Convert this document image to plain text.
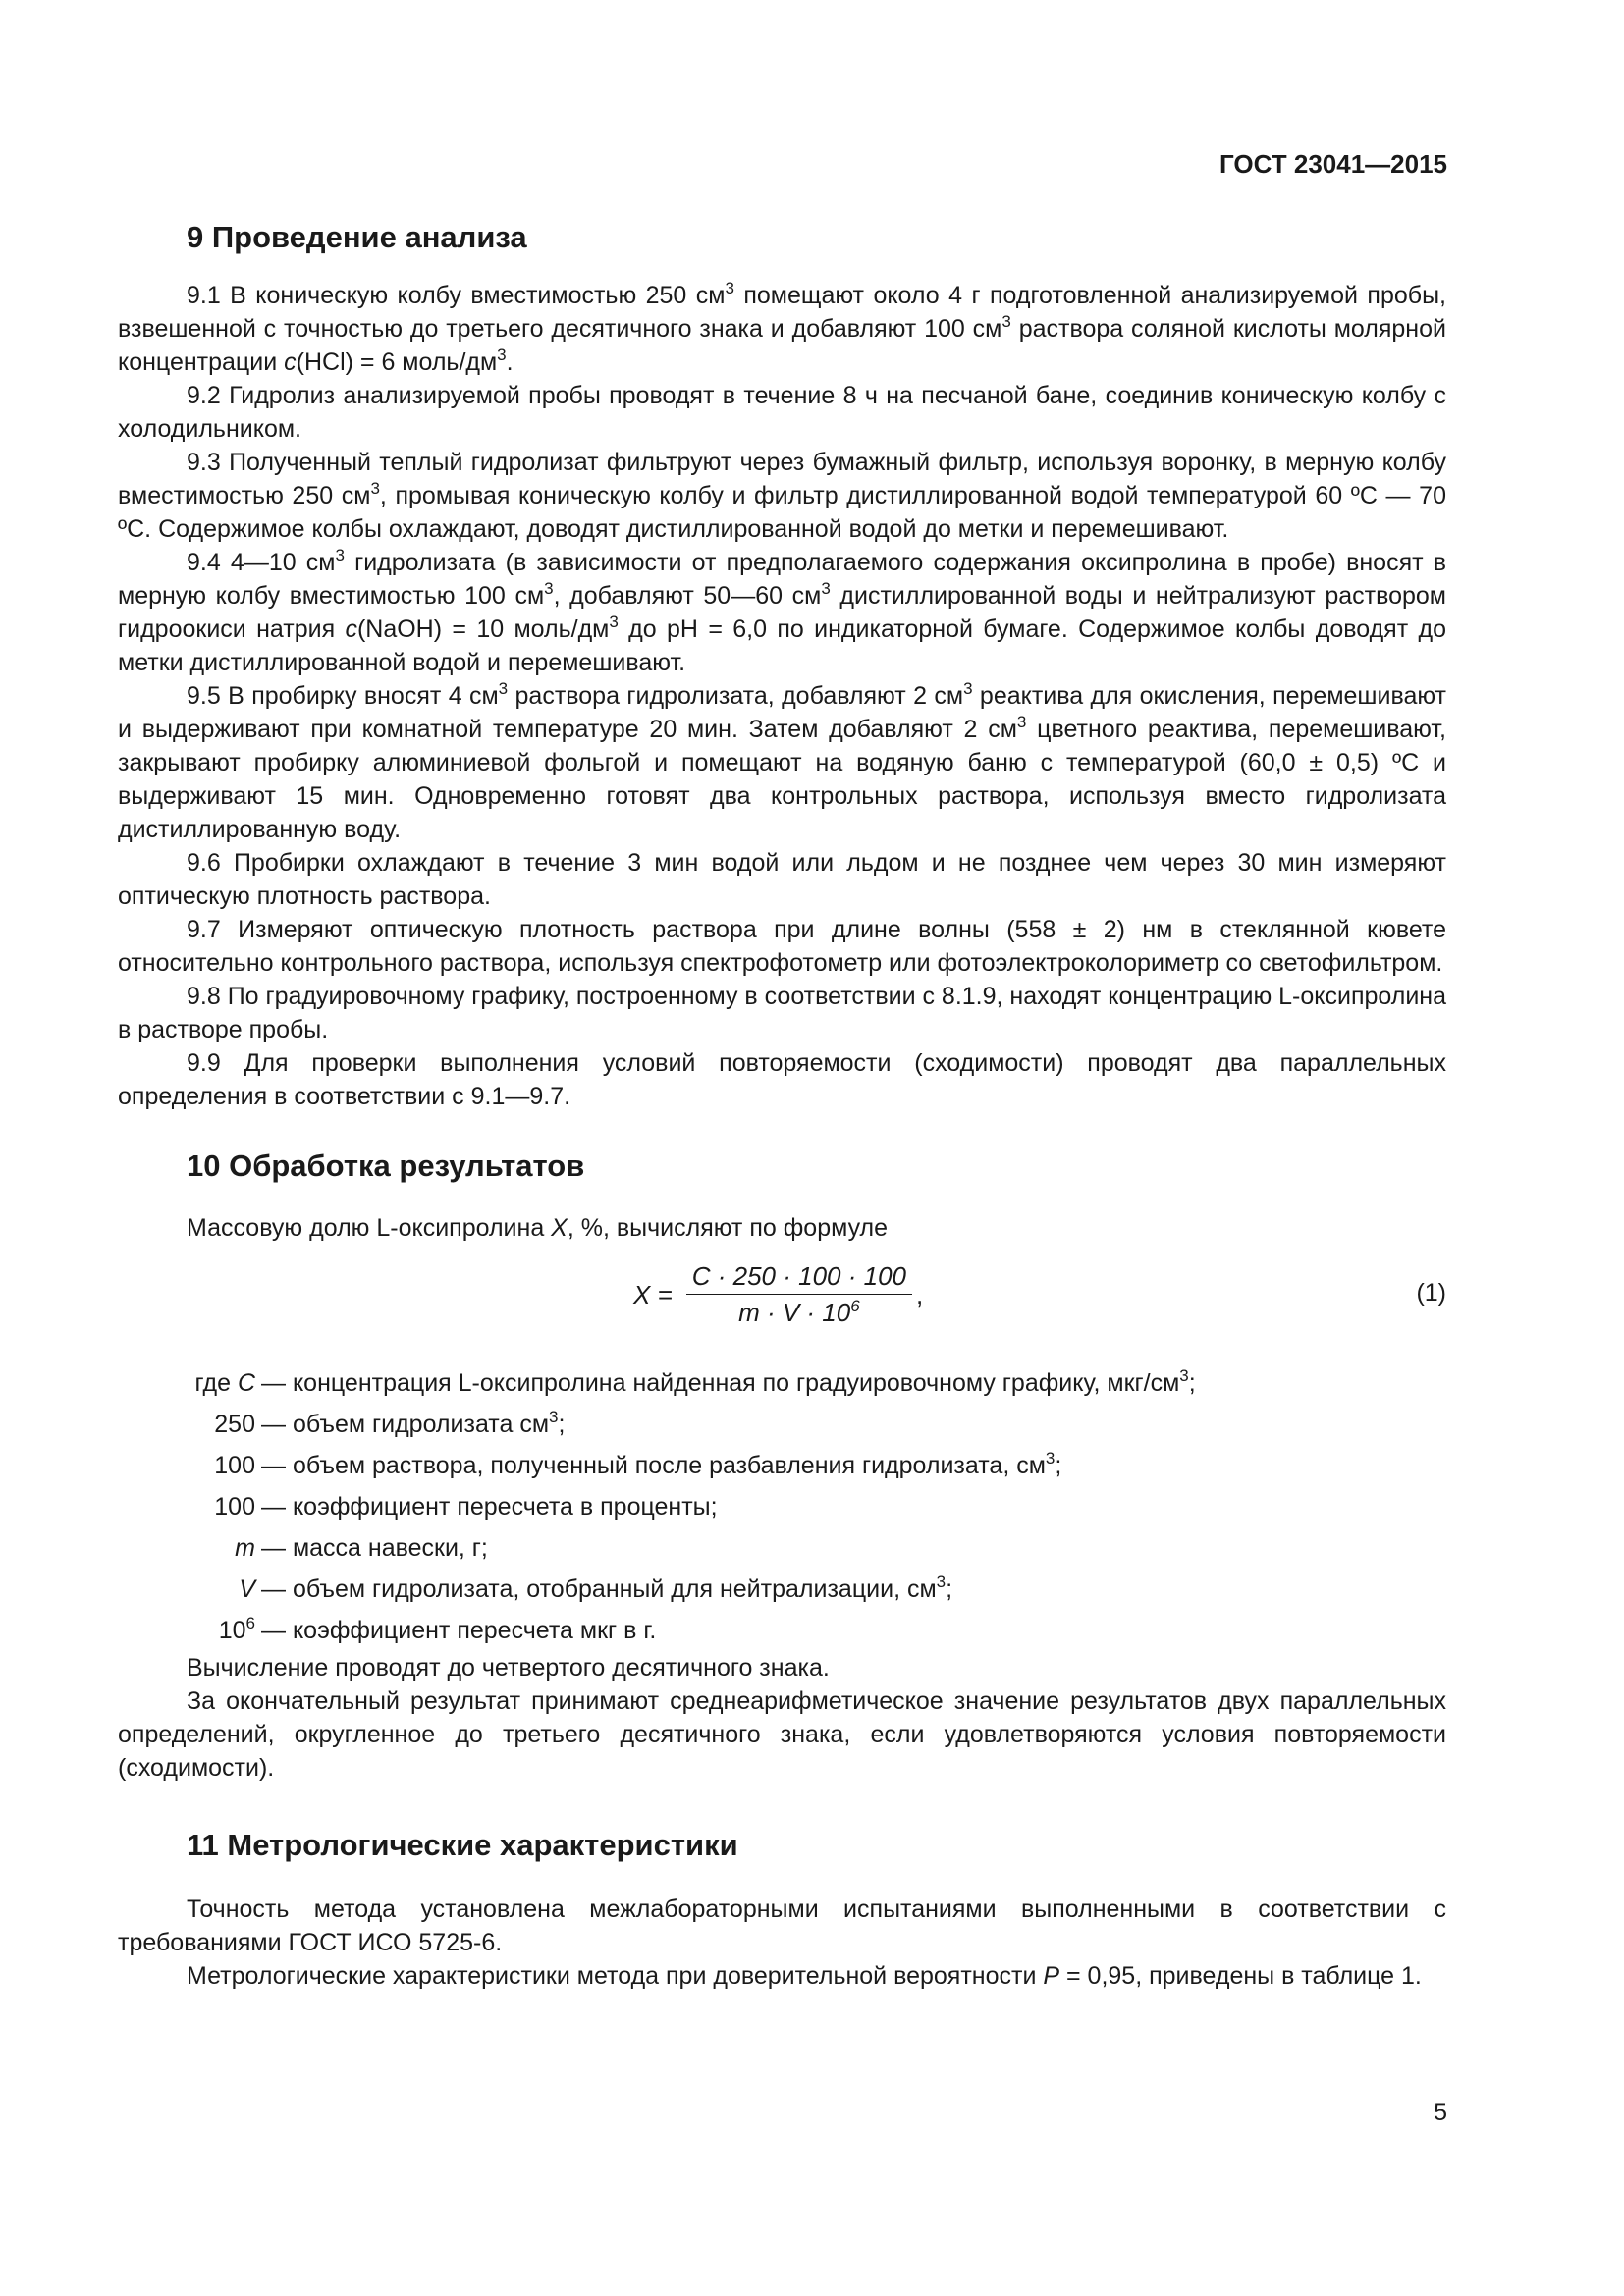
ГОСТ 23041—2015
9 Проведение анализа

9.1 В коническую колбу вместимостью 250 $см^3$ помещают около 4 г подготовленной анализируемой пробы, взвешенной с точностью до третьего десятичного знака и добавляют 100 $см^3$ раствора соляной кислоты молярной концентрации c(HCl) = 6 моль/$дм^3$.

9.2 Гидролиз анализируемой пробы проводят в течение 8 ч на песчаной бане, соединив коническую колбу с холодильником.

9.3 Полученный теплый гидролизат фильтруют через бумажный фильтр, используя воронку, в мерную колбу вместимостью 250 $см^3$, промывая коническую колбу и фильтр дистиллированной водой температурой 60 ºС — 70 ºС. Содержимое колбы охлаждают, доводят дистиллированной водой до метки и перемешивают.

9.4 4—10 $см^3$ гидролизата (в зависимости от предполагаемого содержания оксипролина в пробе) вносят в мерную колбу вместимостью 100 $см^3$, добавляют 50—60 $см^3$ дистиллированной воды и нейтрализуют раствором гидроокиси натрия c(NaOH) = 10 моль/$дм^3$ до pH = 6,0 по индикаторной бумаге. Содержимое колбы доводят до метки дистиллированной водой и перемешивают.

9.5 В пробирку вносят 4 $см^3$ раствора гидролизата, добавляют 2 $см^3$ реактива для окисления, перемешивают и выдерживают при комнатной температуре 20 мин. Затем добавляют 2 $см^3$ цветного реактива, перемешивают, закрывают пробирку алюминиевой фольгой и помещают на водяную баню с температурой (60,0 ± 0,5) ºС и выдерживают 15 мин. Одновременно готовят два контрольных раствора, используя вместо гидролизата дистиллированную воду.

9.6 Пробирки охлаждают в течение 3 мин водой или льдом и не позднее чем через 30 мин измеряют оптическую плотность раствора.

9.7 Измеряют оптическую плотность раствора при длине волны (558 ± 2) нм в стеклянной кювете относительно контрольного раствора, используя спектрофотометр или фотоэлектроколориметр со светофильтром.

9.8 По градуировочному графику, построенному в соответствии с 8.1.9, находят концентрацию L-оксипролина в растворе пробы.

9.9 Для проверки выполнения условий повторяемости (сходимости) проводят два параллельных определения в соответствии с 9.1—9.7.

10 Обработка результатов

Массовую долю L-оксипролина X, %, вычисляют по формуле

$X = \frac{C \cdot 250 \cdot 100 \cdot 100}{m \cdot V \cdot 10^6}$ ,	(1)
где C — концентрация L-оксипролина найденная по градуировочному графику, мкг/$см^3$;
250 — объем гидролизата $см^3$;
100 — объем раствора, полученный после разбавления гидролизата, $см^3$;
100 — коэффициент пересчета в проценты;
m — масса навески, г;
V — объем гидролизата, отобранный для нейтрализации, $см^3$;
$10^6$ — коэффициент пересчета мкг в г.

Вычисление проводят до четвертого десятичного знака.

За окончательный результат принимают среднеарифметическое значение результатов двух параллельных определений, округленное до третьего десятичного знака, если удовлетворяются условия повторяемости (сходимости).

11 Метрологические характеристики

Точность метода установлена межлабораторными испытаниями выполненными в соответствии с требованиями ГОСТ ИСО 5725-6.

Метрологические характеристики метода при доверительной вероятности P = 0,95, приведены в таблице 1.

5
